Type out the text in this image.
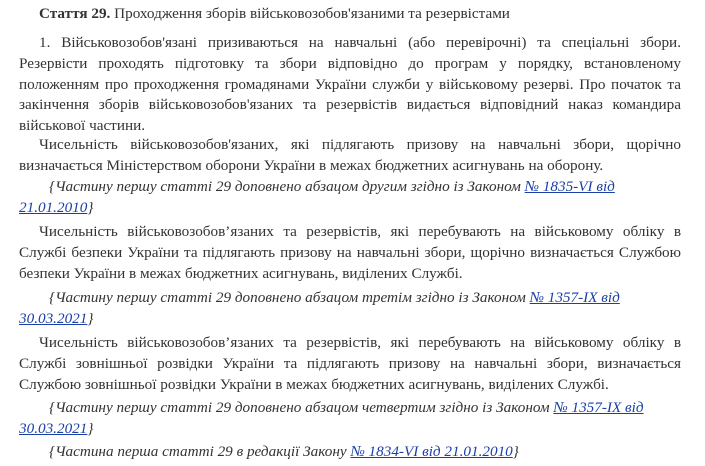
Стаття 29. Проходження зборів військовозобов'язаними та резервістами

1. Військовозобов'язані призиваються на навчальні (або перевірочні) та спеціальні збори. Резервісти проходять підготовку та збори відповідно до програм у порядку, встановленому положенням про проходження громадянами України служби у військовому резерві. Про початок та закінчення зборів військовозобов'язаних та резервістів видається відповідний наказ командира військової частини.

Чисельність військовозобов'язаних, які підлягають призову на навчальні збори, щорічно визначається Міністерством оборони України в межах бюджетних асигнувань на оборону.

{Частину першу статті 29 доповнено абзацом другим згідно із Законом № 1835-VI від 21.01.2010}

Чисельність військовозобов’язаних та резервістів, які перебувають на військовому обліку в Службі безпеки України та підлягають призову на навчальні збори, щорічно визначається Службою безпеки України в межах бюджетних асигнувань, виділених Службі.

{Частину першу статті 29 доповнено абзацом третім згідно із Законом № 1357-IX від 30.03.2021}

Чисельність військовозобов’язаних та резервістів, які перебувають на військовому обліку в Службі зовнішньої розвідки України та підлягають призову на навчальні збори, визначається Службою зовнішньої розвідки України в межах бюджетних асигнувань, виділених Службі.

{Частину першу статті 29 доповнено абзацом четвертим згідно із Законом № 1357-IX від 30.03.2021}

{Частина перша статті 29 в редакції Закону № 1834-VI від 21.01.2010}
